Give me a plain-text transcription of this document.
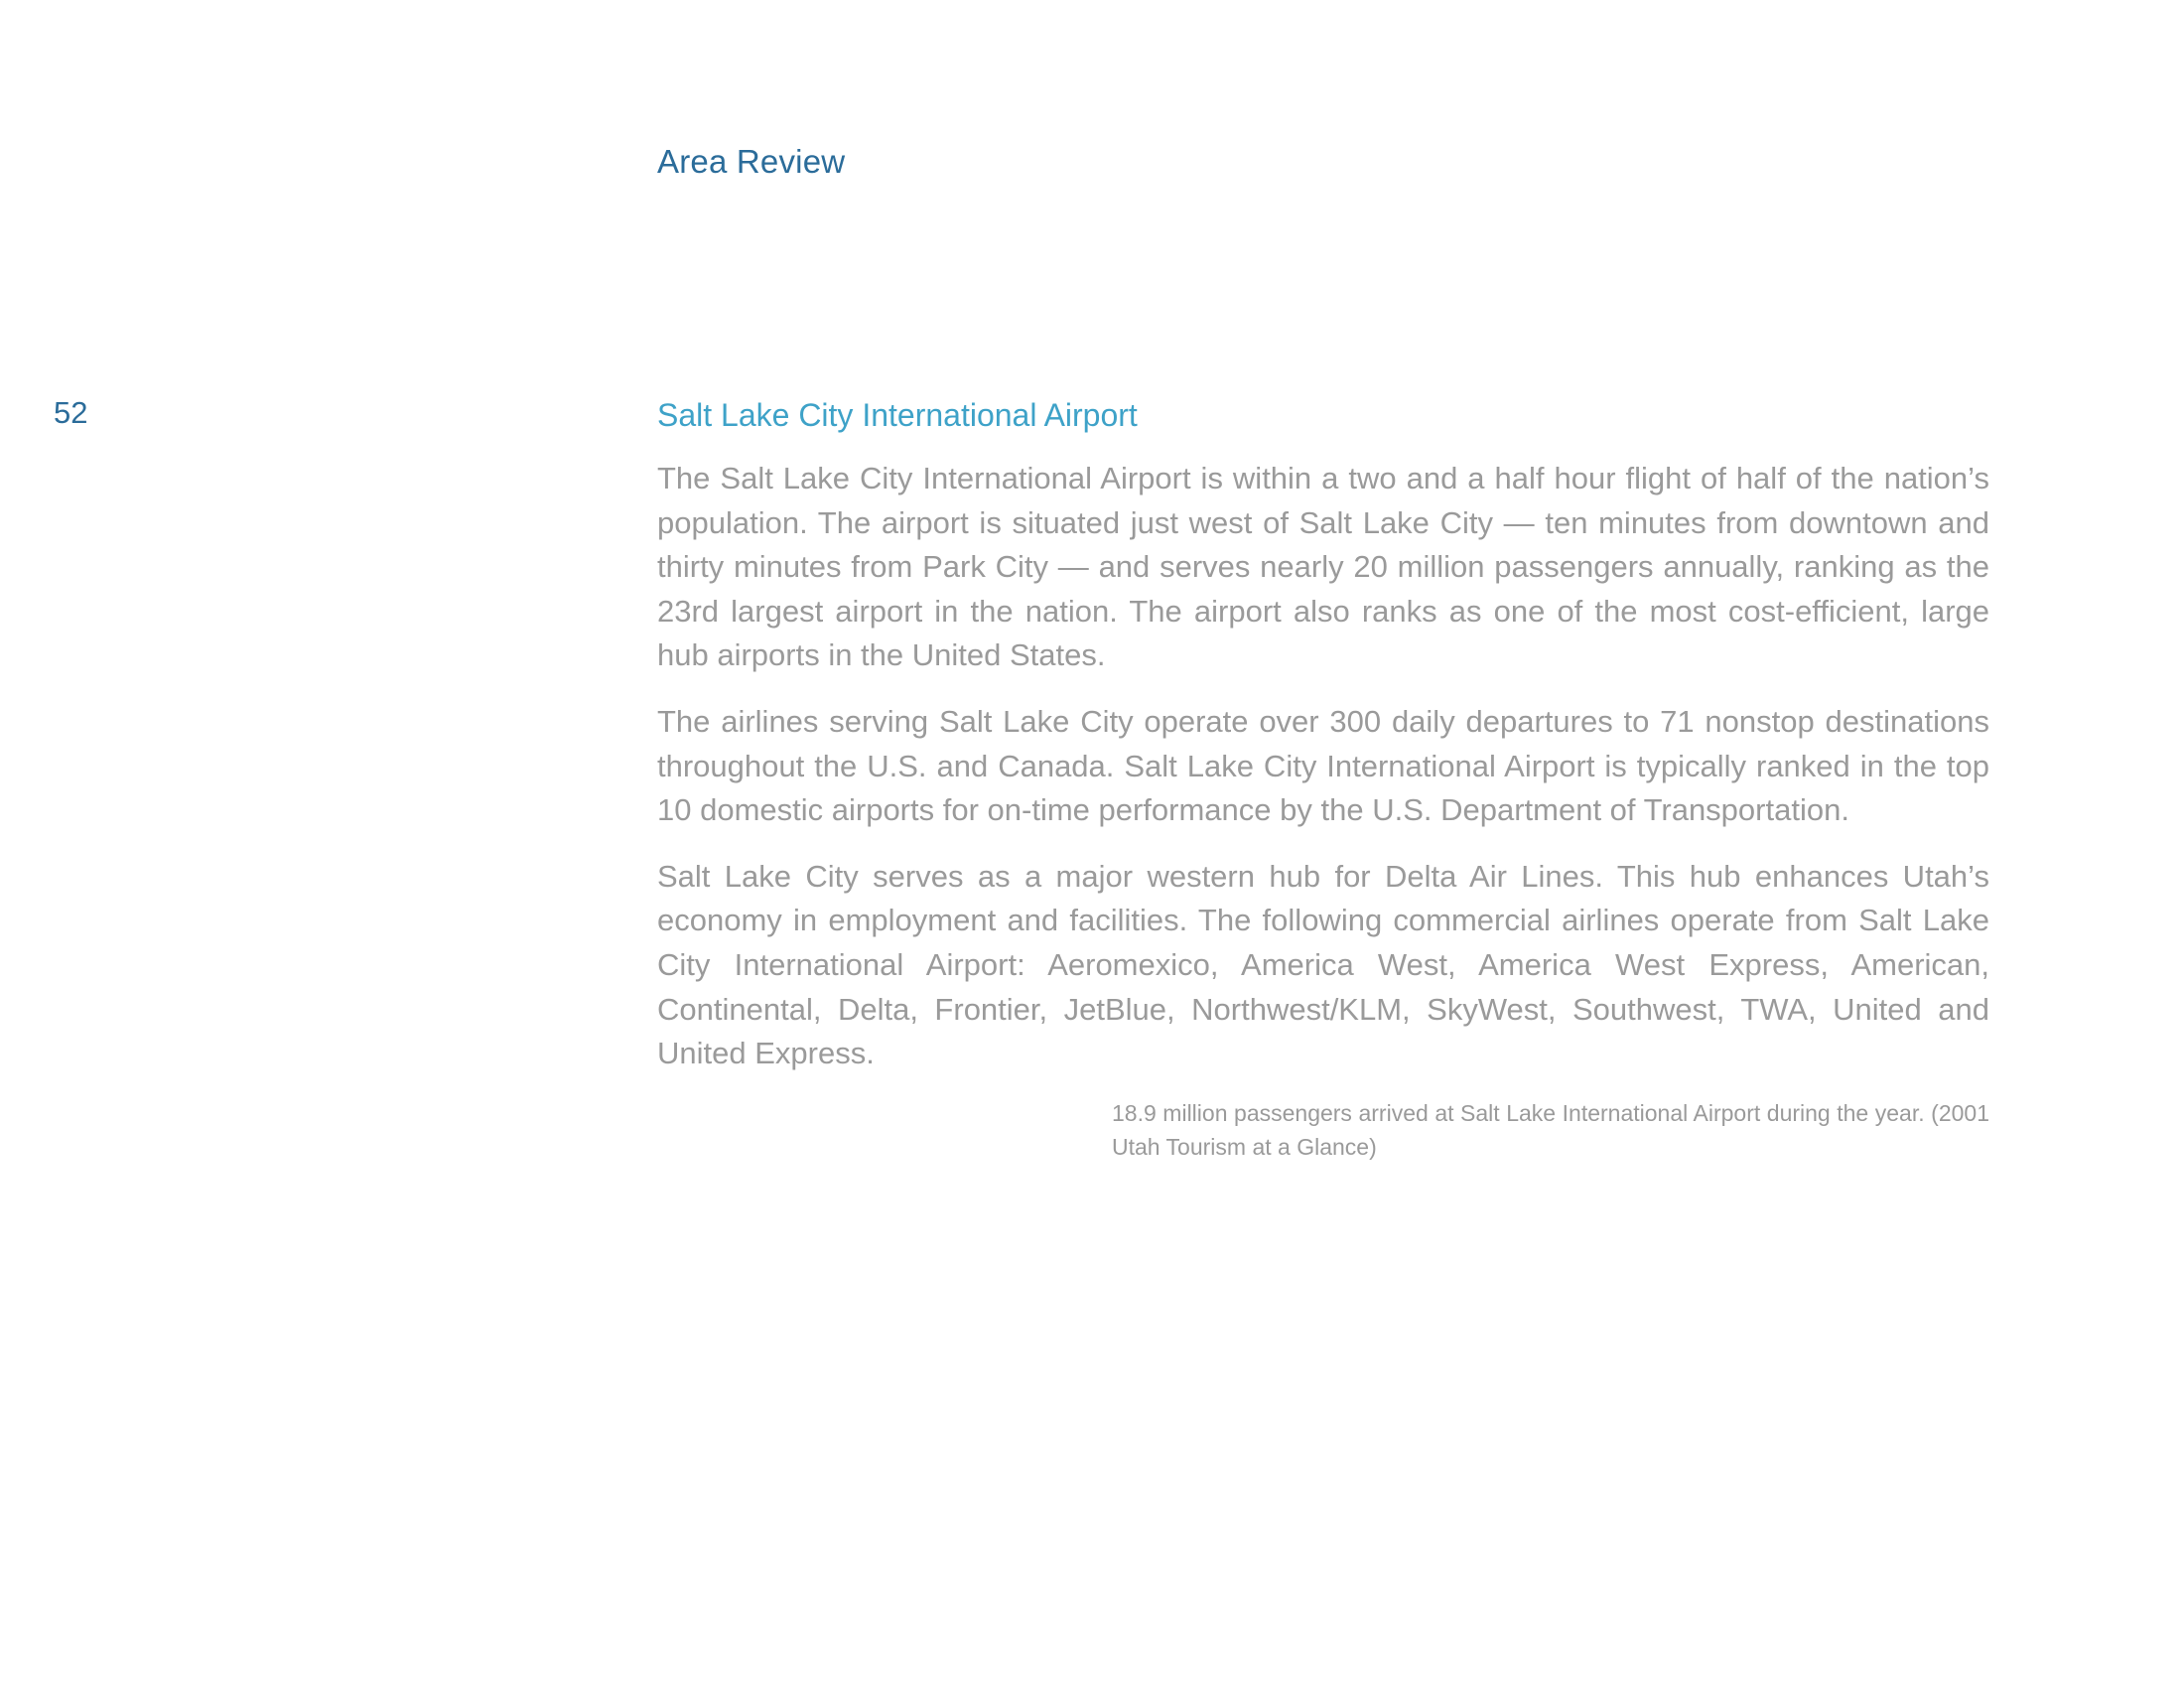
Area Review
52	Salt Lake City International Airport

The Salt Lake City International Airport is within a two and a half hour flight of half of the nation’s population. The airport is situated just west of Salt Lake City — ten minutes from downtown and thirty minutes from Park City — and serves nearly 20 million passengers annually, ranking as the 23rd largest airport in the nation. The airport also ranks as one of the most cost-efficient, large hub airports in the United States.

The airlines serving Salt Lake City operate over 300 daily departures to 71 nonstop destinations throughout the U.S. and Canada. Salt Lake City International Airport is typically ranked in the top 10 domestic airports for on-time performance by the U.S. Department of Transportation.

Salt Lake City serves as a major western hub for Delta Air Lines. This hub enhances Utah’s economy in employment and facilities. The following commercial airlines operate from Salt Lake City International Airport: Aeromexico, America West, America West Express, American, Continental, Delta, Frontier, JetBlue, Northwest/KLM, SkyWest, Southwest, TWA, United and United Express.

18.9 million passengers arrived at Salt Lake International Airport during the year. (2001 Utah Tourism at a Glance)
